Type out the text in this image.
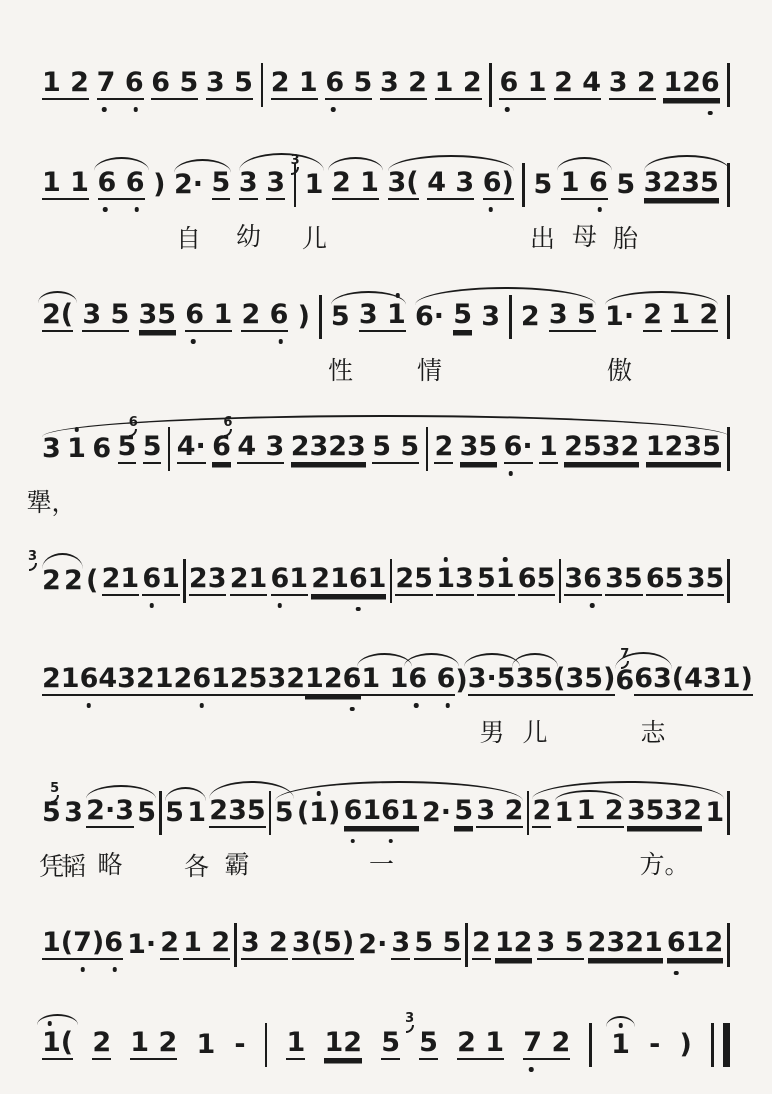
1 2 7 6 6 5 3 5 2 1 6 5 3 2 1 2 6 1 2 4 3 2 126
1 1 6 6 ) 2· 5 3 3 1
3
2 1 3( 4 3 6) 5 1 6 5 3235
自 幼 儿	出 母 胎
2( 3 5 35 6 1 2 6 ) 5 3 1 6· 5 3 2 3 5 1· 2 1 2
性	情	傲
3 1 6 5 5
6
4· 6 4 3
6
2323 5 5 2 35 6· 1 2532 1235
犟，
2
3
2 ( 21 61 23 21 61 2161 25 13 51 65 36 35 65 35
21 64 32 12 61 25 32 126 1 1 6 6 ) 3·5 35 (35) 6 63
7
(431)
男 儿	志
5 3
5
2·3 5 5 1 235 5 (1) 6161 2· 5 3 2 2 1 1 2 3532 1
凭
韬 略 各 霸	一	方。
1(7)6 1· 2 1 2 3 2 3(5) 2· 3 5 5 2 12 3 5 2321 612
1( 2 1 2 1 - 1 12 5 5
3
2 1 7 2 1 - )
